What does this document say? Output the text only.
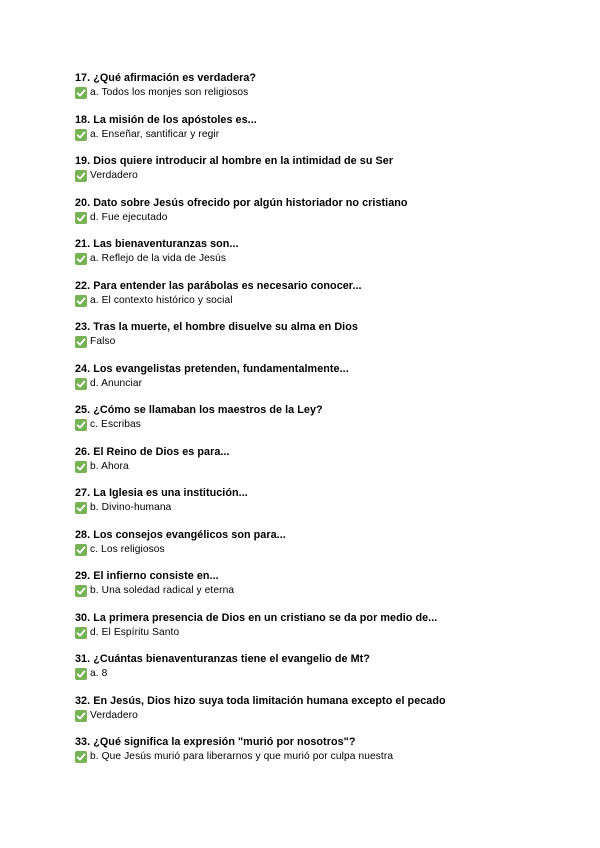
17. ¿Qué afirmación es verdadera?
a. Todos los monjes son religiosos
18. La misión de los apóstoles es...
a. Enseñar, santificar y regir
19. Dios quiere introducir al hombre en la intimidad de su Ser
Verdadero
20. Dato sobre Jesús ofrecido por algún historiador no cristiano
d. Fue ejecutado
21. Las bienaventuranzas son...
a. Reflejo de la vida de Jesús
22. Para entender las parábolas es necesario conocer...
a. El contexto histórico y social
23. Tras la muerte, el hombre disuelve su alma en Dios
Falso
24. Los evangelistas pretenden, fundamentalmente...
d. Anunciar
25. ¿Cómo se llamaban los maestros de la Ley?
c. Escribas
26. El Reino de Dios es para...
b. Ahora
27. La Iglesia es una institución...
b. Divino-humana
28. Los consejos evangélicos son para...
c. Los religiosos
29. El infierno consiste en...
b. Una soledad radical y eterna
30. La primera presencia de Dios en un cristiano se da por medio de...
d. El Espíritu Santo
31. ¿Cuántas bienaventuranzas tiene el evangelio de Mt?
a. 8
32. En Jesús, Dios hizo suya toda limitación humana excepto el pecado
Verdadero
33. ¿Qué significa la expresión "murió por nosotros"?
b. Que Jesús murió para liberarnos y que murió por culpa nuestra
